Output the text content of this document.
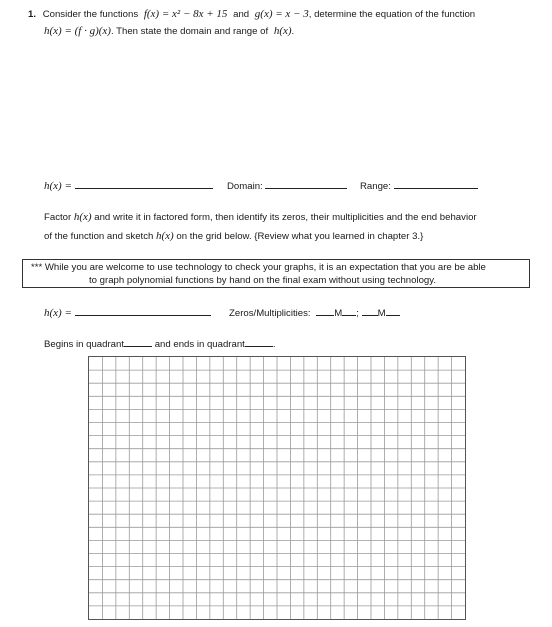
1. Consider the functions f(x) = x² − 8x + 15 and g(x) = x − 3, determine the equation of the function
h(x) = (f · g)(x). Then state the domain and range of h(x).
h(x) =	Domain:	Range:
Factor h(x) and write it in factored form, then identify its zeros, their multiplicities and the end behavior
of the function and sketch h(x) on the grid below. {Review what you learned in chapter 3.}
*** While you are welcome to use technology to check your graphs, it is an expectation that you are be able
to graph polynomial functions by hand on the final exam without using technology.
h(x) =	Zeros/Multiplicities: M ; M
Begins in quadrant	and ends in quadrant	.
